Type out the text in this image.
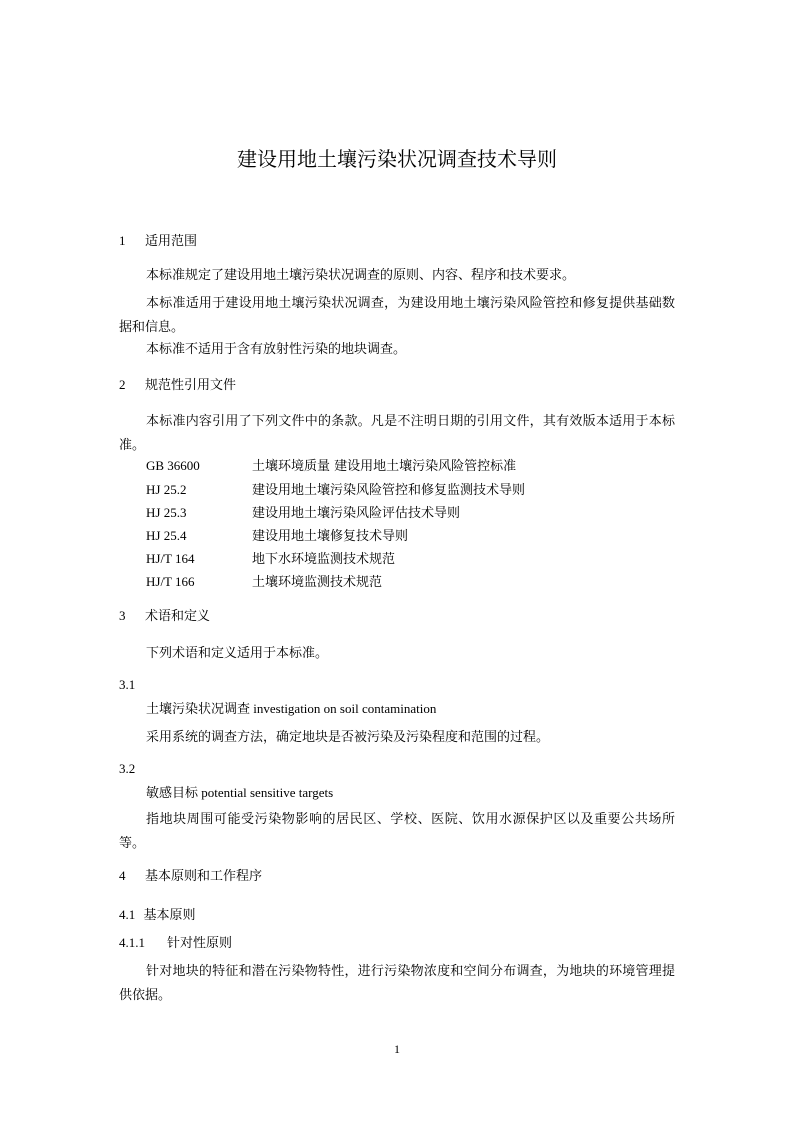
建设用地土壤污染状况调查技术导则
1 适用范围
本标准规定了建设用地土壤污染状况调查的原则、内容、程序和技术要求。
本标准适用于建设用地土壤污染状况调查，为建设用地土壤污染风险管控和修复提供基础数据和信息。
本标准不适用于含有放射性污染的地块调查。
2 规范性引用文件
本标准内容引用了下列文件中的条款。凡是不注明日期的引用文件，其有效版本适用于本标准。
GB 36600	土壤环境质量 建设用地土壤污染风险管控标准
HJ 25.2	建设用地土壤污染风险管控和修复监测技术导则
HJ 25.3	建设用地土壤污染风险评估技术导则
HJ 25.4	建设用地土壤修复技术导则
HJ/T 164	地下水环境监测技术规范
HJ/T 166	土壤环境监测技术规范
3 术语和定义
下列术语和定义适用于本标准。
3.1
土壤污染状况调查 investigation on soil contamination
采用系统的调查方法，确定地块是否被污染及污染程度和范围的过程。
3.2
敏感目标 potential sensitive targets
指地块周围可能受污染物影响的居民区、学校、医院、饮用水源保护区以及重要公共场所等。
4 基本原则和工作程序
4.1 基本原则
4.1.1 针对性原则
针对地块的特征和潜在污染物特性，进行污染物浓度和空间分布调查，为地块的环境管理提供依据。
1
